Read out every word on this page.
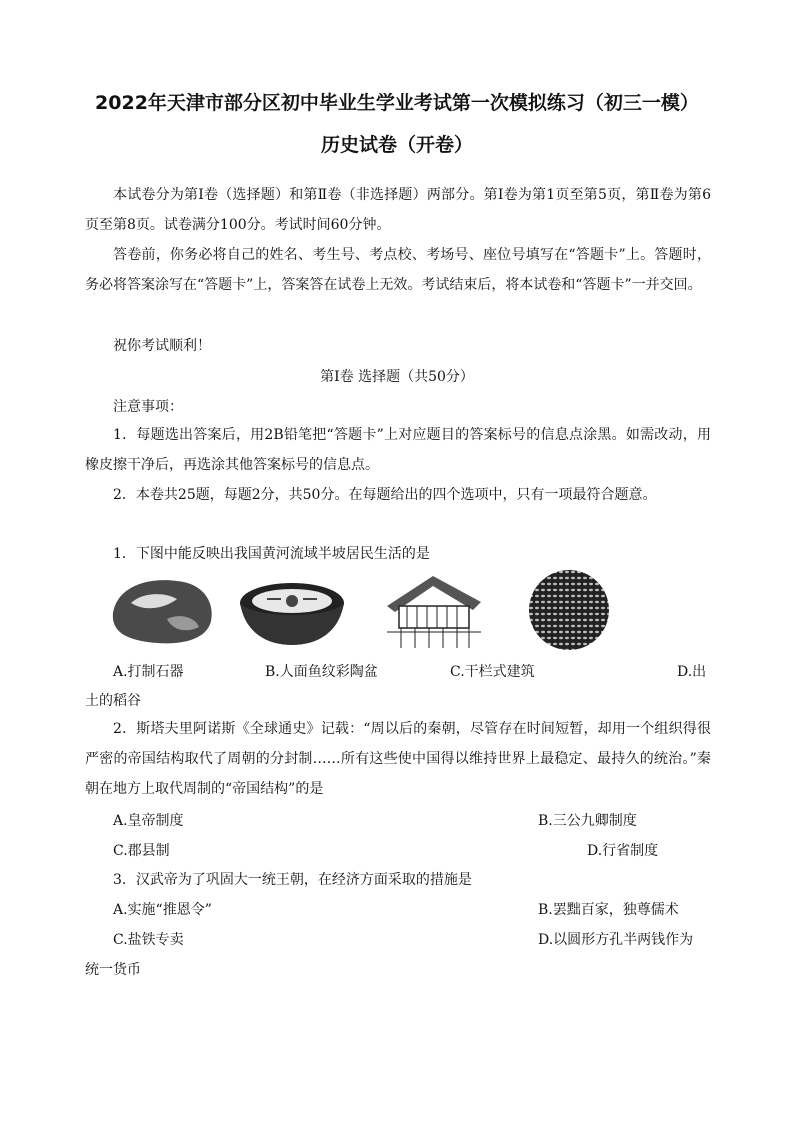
2022年天津市部分区初中毕业生学业考试第一次模拟练习（初三一模）
历史试卷（开卷）
本试卷分为第Ⅰ卷（选择题）和第Ⅱ卷（非选择题）两部分。第Ⅰ卷为第1页至第5页，第Ⅱ卷为第6页至第8页。试卷满分100分。考试时间60分钟。
答卷前，你务必将自己的姓名、考生号、考点校、考场号、座位号填写在“答题卡”上。答题时，务必将答案涂写在“答题卡”上，答案答在试卷上无效。考试结束后，将本试卷和“答题卡”一并交回。
祝你考试顺利！
第Ⅰ卷 选择题（共50分）
注意事项：
1．每题选出答案后，用2B铅笔把“答题卡”上对应题目的答案标号的信息点涂黑。如需改动，用橡皮擦干净后，再选涂其他答案标号的信息点。
2．本卷共25题，每题2分，共50分。在每题给出的四个选项中，只有一项最符合题意。
1．下图中能反映出我国黄河流域半坡居民生活的是
A.打制石器	B.人面鱼纹彩陶盆	C.干栏式建筑	D.出
土的稻谷
2．斯塔夫里阿诺斯《全球通史》记载：“周以后的秦朝，尽管存在时间短暂，却用一个组织得很严密的帝国结构取代了周朝的分封制……所有这些使中国得以维持世界上最稳定、最持久的统治。”秦朝在地方上取代周制的“帝国结构”的是
A.皇帝制度	B.三公九卿制度
C.郡县制	D.行省制度
3．汉武帝为了巩固大一统王朝，在经济方面采取的措施是
A.实施“推恩令”	B.罢黜百家，独尊儒术
C.盐铁专卖	D.以圆形方孔半两钱作为
统一货币
